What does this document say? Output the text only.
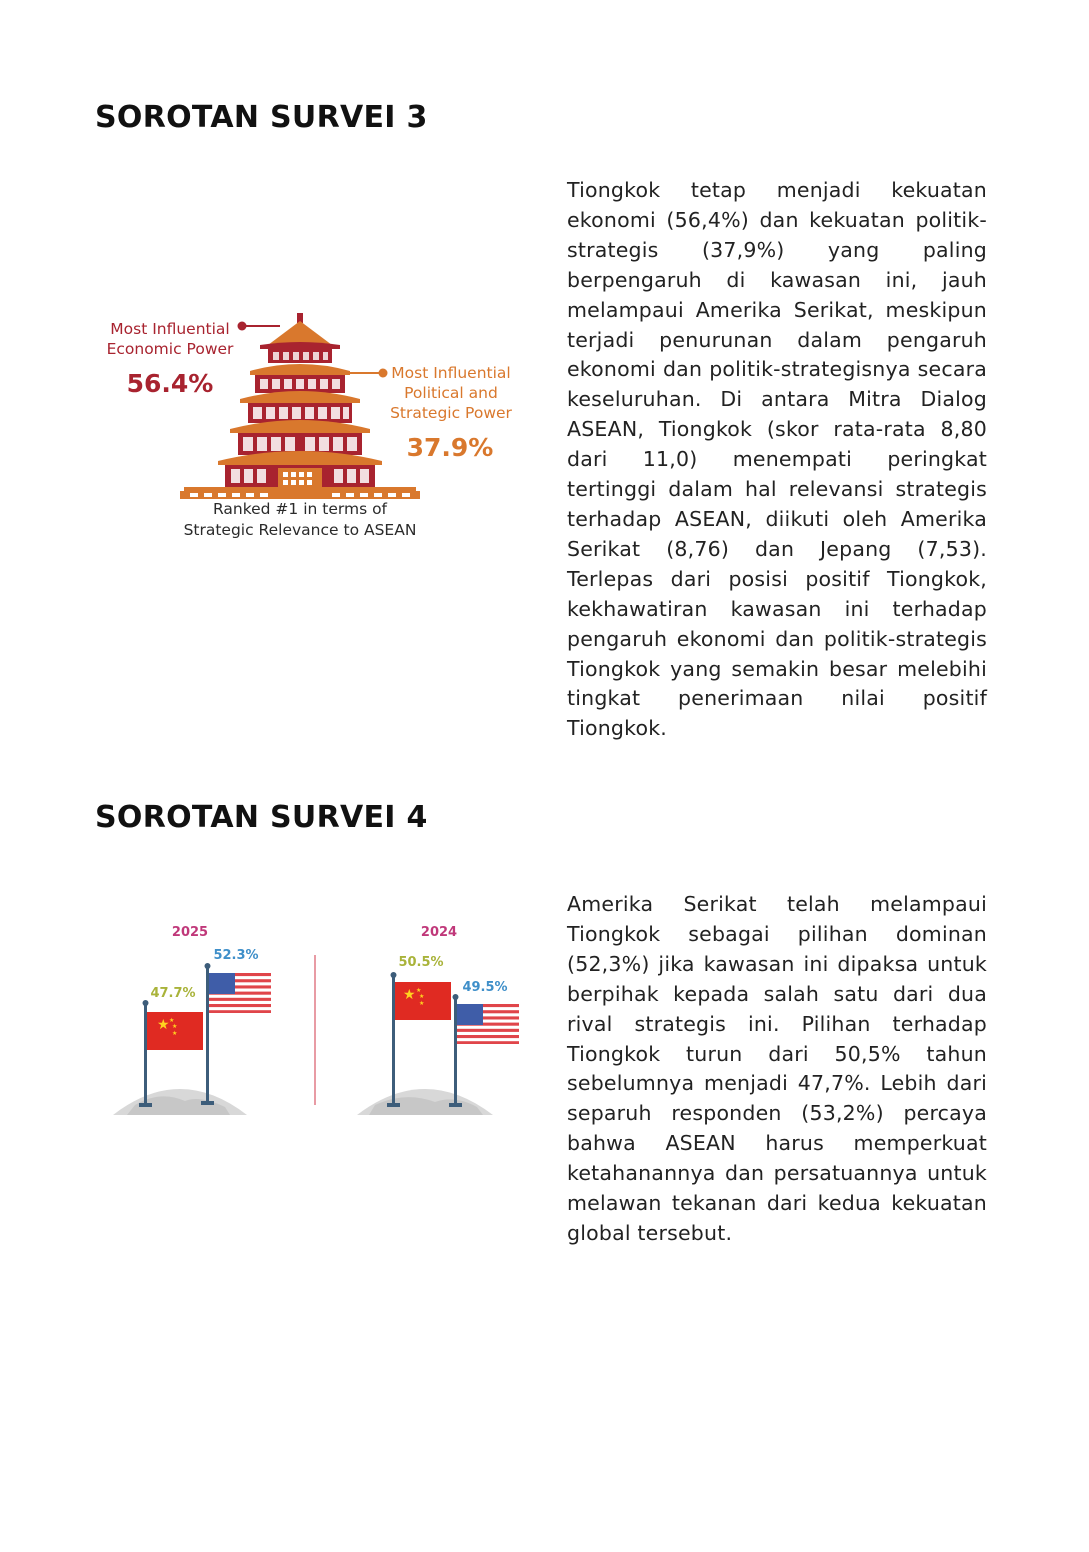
SOROTAN SURVEI 3
Most Influential
Economic Power
56.4%	Most Influential
Political and
Strategic Power
37.9%
Ranked #1 in terms of
Strategic Relevance to ASEAN

Tiongkok tetap menjadi kekuatan ekonomi (56,4%) dan kekuatan politik-strategis (37,9%) yang paling berpengaruh di kawasan ini, jauh melampaui Amerika Serikat, meskipun terjadi penurunan dalam pengaruh ekonomi dan politik-strategisnya secara keseluruhan. Di antara Mitra Dialog ASEAN, Tiongkok (skor rata-rata 8,80 dari 11,0) menempati peringkat tertinggi dalam hal relevansi strategis terhadap ASEAN, diikuti oleh Amerika Serikat (8,76) dan Jepang (7,53). Terlepas dari posisi positif Tiongkok, kekhawatiran kawasan ini terhadap pengaruh ekonomi dan politik-strategis Tiongkok yang semakin besar melebihi tingkat penerimaan nilai positif Tiongkok.

SOROTAN SURVEI 4
★ ★
★
★
★ ★
★
★
2025
52.3%
47.7%
2024
50.5%
49.5%

Amerika Serikat telah melampaui Tiongkok sebagai pilihan dominan (52,3%) jika kawasan ini dipaksa untuk berpihak kepada salah satu dari dua rival strategis ini. Pilihan terhadap Tiongkok turun dari 50,5% tahun sebelumnya menjadi 47,7%. Lebih dari separuh responden (53,2%) percaya bahwa ASEAN harus memperkuat ketahanannya dan persatuannya untuk melawan tekanan dari kedua kekuatan global tersebut.
